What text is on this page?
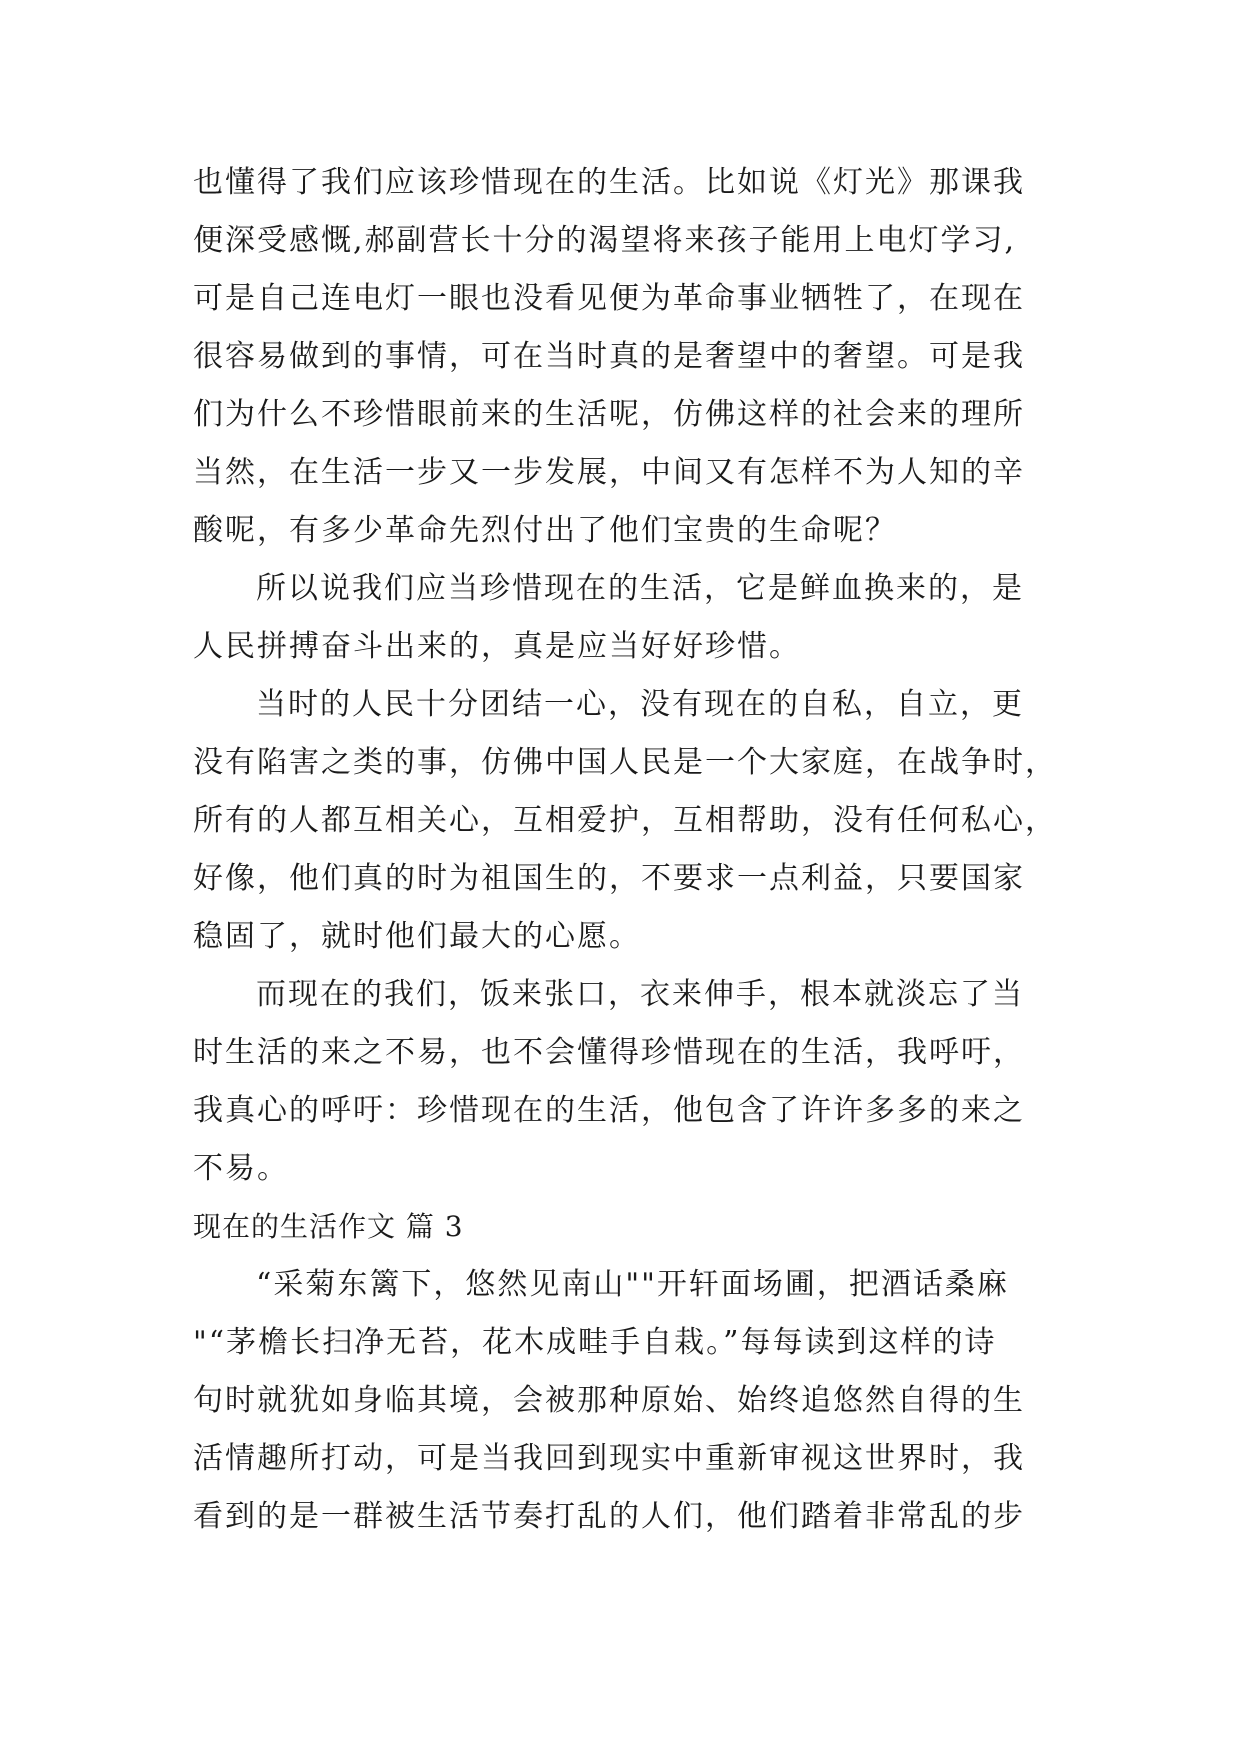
也懂得了我们应该珍惜现在的生活。比如说《灯光》那课我
便深受感慨,郝副营长十分的渴望将来孩子能用上电灯学习,
可是自己连电灯一眼也没看见便为革命事业牺牲了，在现在
很容易做到的事情，可在当时真的是奢望中的奢望。可是我
们为什么不珍惜眼前来的生活呢，仿佛这样的社会来的理所
当然，在生活一步又一步发展，中间又有怎样不为人知的辛
酸呢，有多少革命先烈付出了他们宝贵的生命呢？
所以说我们应当珍惜现在的生活，它是鲜血换来的，是
人民拼搏奋斗出来的，真是应当好好珍惜。
当时的人民十分团结一心，没有现在的自私，自立，更
没有陷害之类的事，仿佛中国人民是一个大家庭，在战争时，
所有的人都互相关心，互相爱护，互相帮助，没有任何私心，
好像，他们真的时为祖国生的，不要求一点利益，只要国家
稳固了，就时他们最大的心愿。
而现在的我们，饭来张口，衣来伸手，根本就淡忘了当
时生活的来之不易，也不会懂得珍惜现在的生活，我呼吁，
我真心的呼吁：珍惜现在的生活，他包含了许许多多的来之
不易。
现在的生活作文 篇 3
“采菊东篱下，悠然见南山""开轩面场圃，把酒话桑麻
"“茅檐长扫净无苔，花木成畦手自栽。”每每读到这样的诗
句时就犹如身临其境，会被那种原始、始终追悠然自得的生
活情趣所打动，可是当我回到现实中重新审视这世界时，我
看到的是一群被生活节奏打乱的人们，他们踏着非常乱的步
